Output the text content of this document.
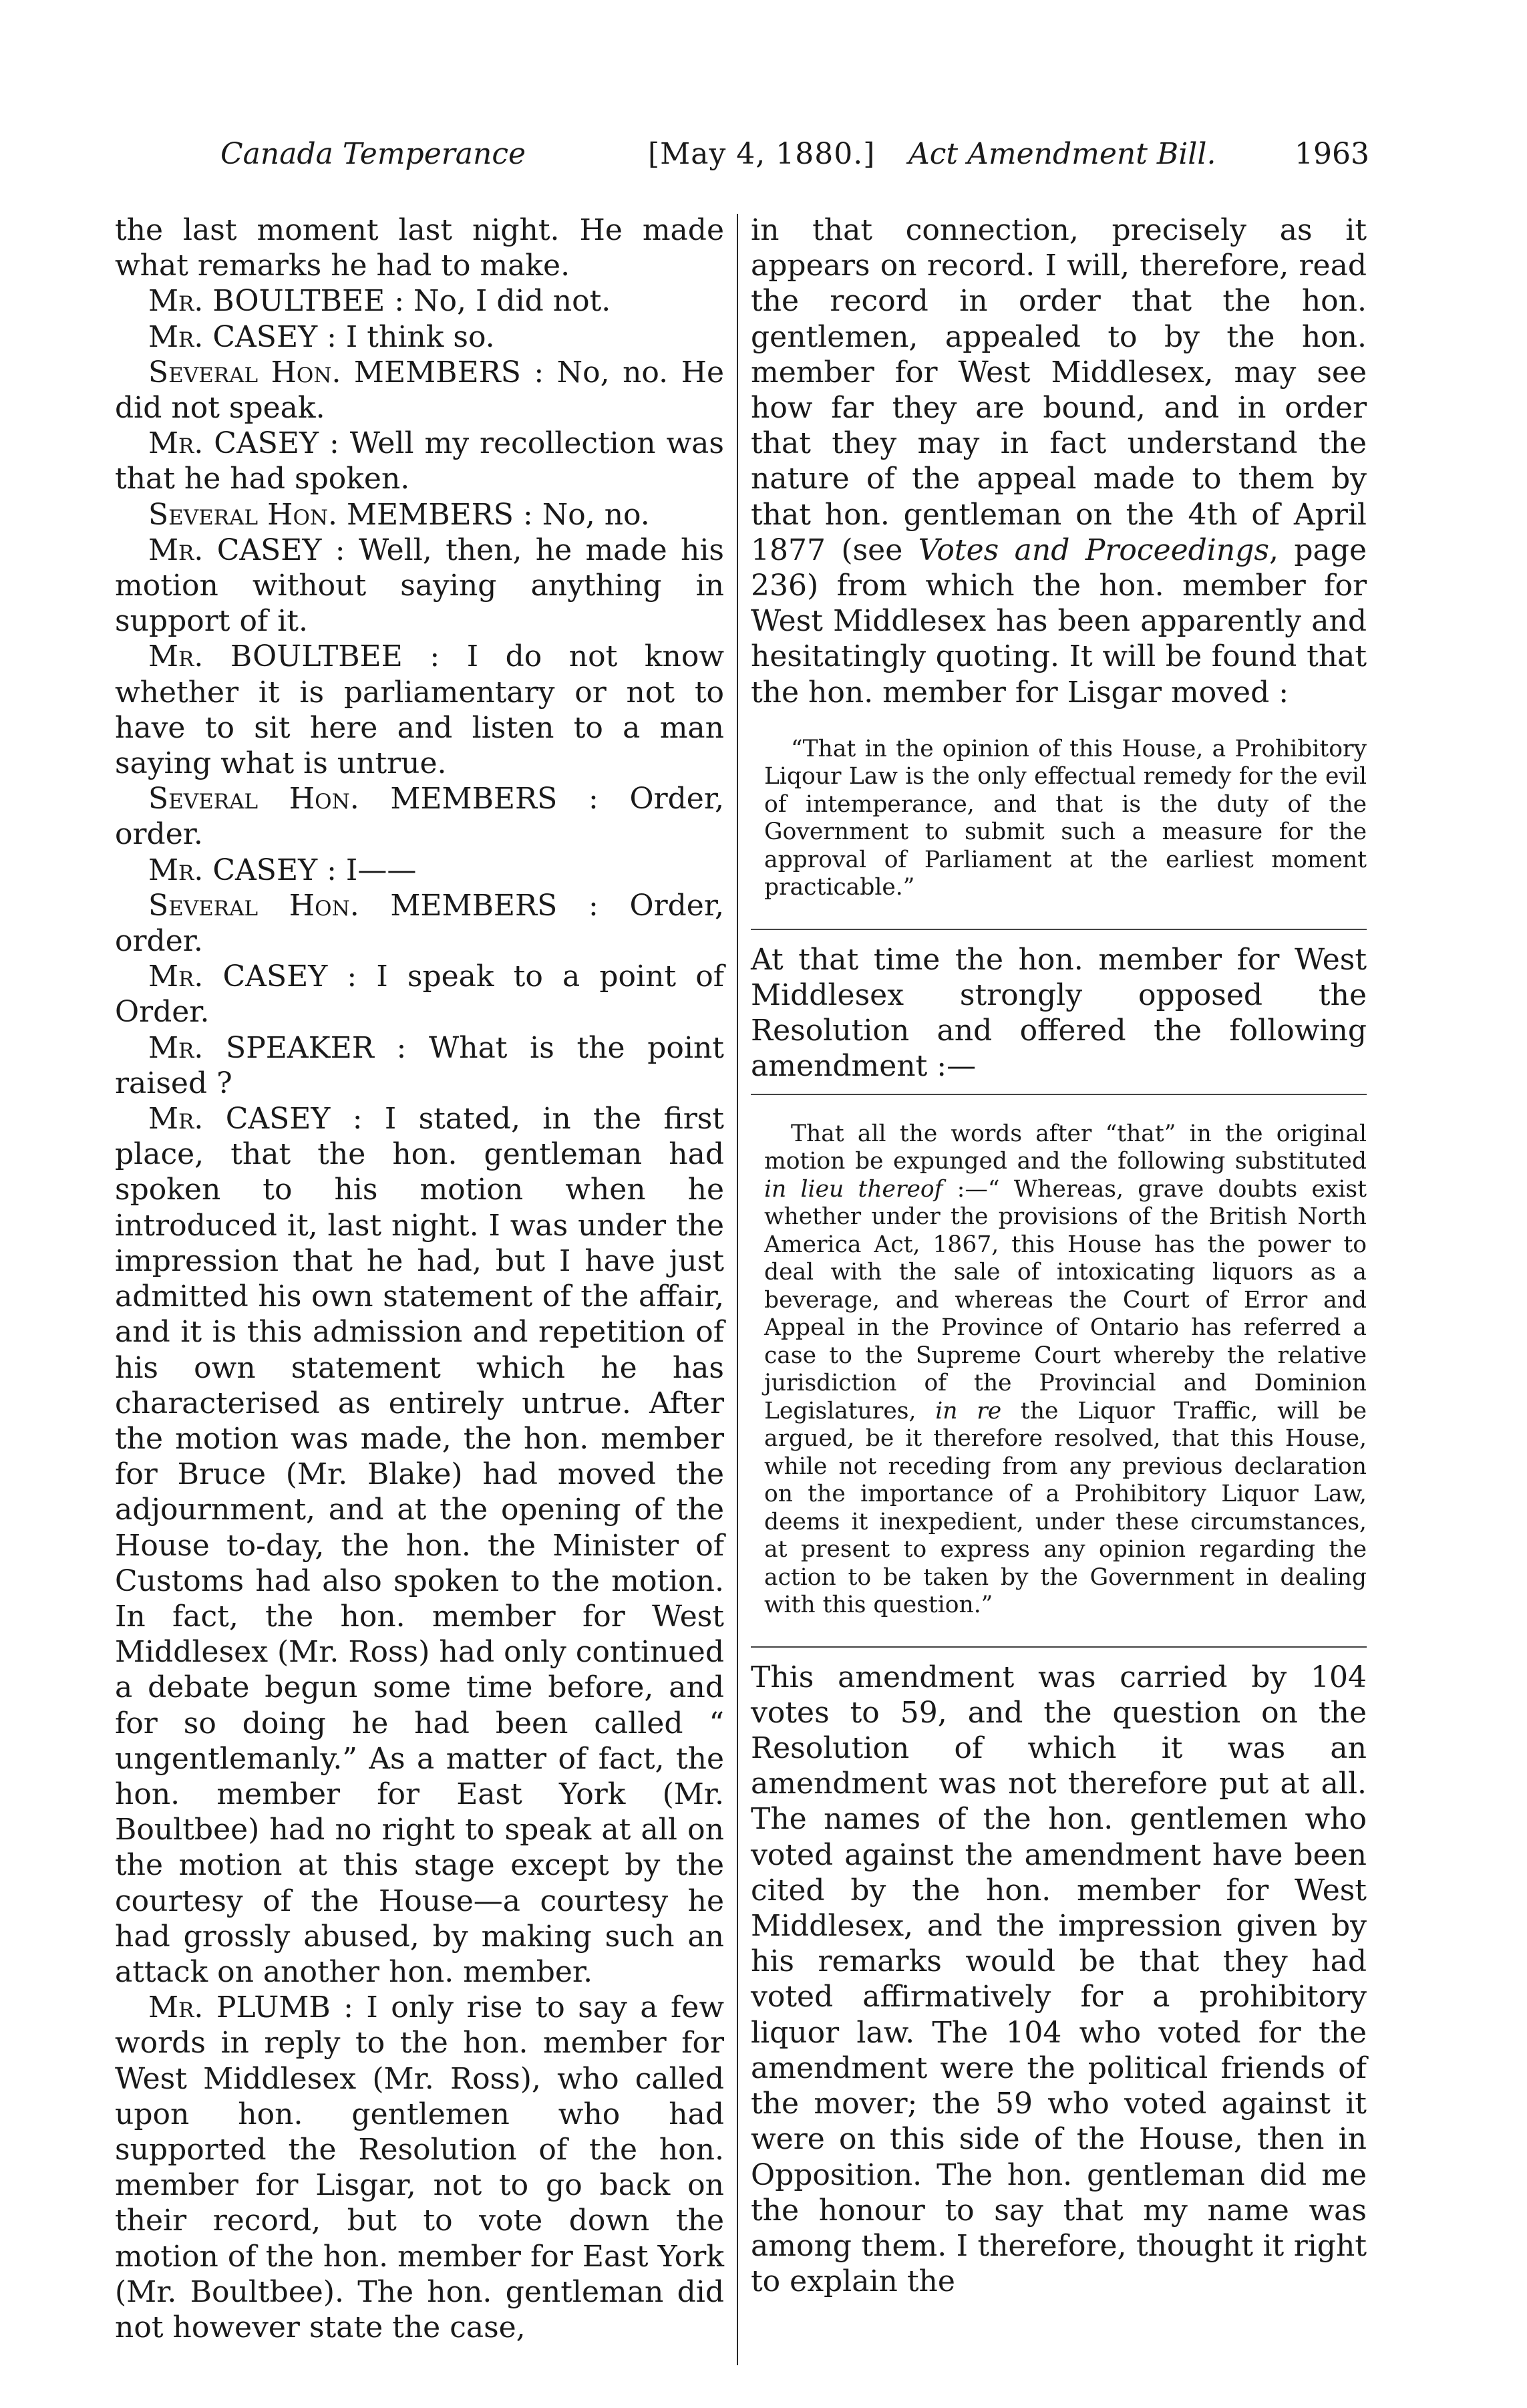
Canada Temperance	[May 4, 1880.] Act Amendment Bill.	1963

the last moment last night. He made what remarks he had to make.

Mr. BOULTBEE : No, I did not.

Mr. CASEY : I think so.

Several Hon. MEMBERS : No, no. He did not speak.

Mr. CASEY : Well my recollection was that he had spoken.

Several Hon. MEMBERS : No, no.

Mr. CASEY : Well, then, he made his motion without saying anything in support of it.

Mr. BOULTBEE : I do not know whether it is parliamentary or not to have to sit here and listen to a man saying what is untrue.

Several Hon. MEMBERS : Order, order.

Mr. CASEY : I——

Several Hon. MEMBERS : Order, order.

Mr. CASEY : I speak to a point of Order.

Mr. SPEAKER : What is the point raised ?

Mr. CASEY : I stated, in the first place, that the hon. gentleman had spoken to his motion when he introduced it, last night. I was under the impression that he had, but I have just admitted his own statement of the affair, and it is this admission and repetition of his own statement which he has characterised as entirely untrue. After the motion was made, the hon. member for Bruce (Mr. Blake) had moved the adjournment, and at the opening of the House to-day, the hon. the Minister of Customs had also spoken to the motion. In fact, the hon. member for West Middlesex (Mr. Ross) had only continued a debate begun some time before, and for so doing he had been called “ ungentlemanly.” As a matter of fact, the hon. member for East York (Mr. Boultbee) had no right to speak at all on the motion at this stage except by the courtesy of the House—a courtesy he had grossly abused, by making such an attack on another hon. member.

Mr. PLUMB : I only rise to say a few words in reply to the hon. member for West Middlesex (Mr. Ross), who called upon hon. gentlemen who had supported the Resolution of the hon. member for Lisgar, not to go back on their record, but to vote down the motion of the hon. member for East York (Mr. Boultbee). The hon. gentleman did not however state the case,

in that connection, precisely as it appears on record. I will, therefore, read the record in order that the hon. gentlemen, appealed to by the hon. member for West Middlesex, may see how far they are bound, and in order that they may in fact understand the nature of the appeal made to them by that hon. gentleman on the 4th of April 1877 (see Votes and Proceedings, page 236) from which the hon. member for West Middlesex has been apparently and hesitatingly quoting. It will be found that the hon. member for Lisgar moved :

“That in the opinion of this House, a Prohibitory Liqour Law is the only effectual remedy for the evil of intemperance, and that is the duty of the Government to submit such a measure for the approval of Parliament at the earliest moment practicable.”

At that time the hon. member for West Middlesex strongly opposed the Resolution and offered the following amendment :—

That all the words after “that” in the original motion be expunged and the following substituted in lieu thereof :—“ Whereas, grave doubts exist whether under the provisions of the British North America Act, 1867, this House has the power to deal with the sale of intoxicating liquors as a beverage, and whereas the Court of Error and Appeal in the Province of Ontario has referred a case to the Supreme Court whereby the relative jurisdiction of the Provincial and Dominion Legislatures, in re the Liquor Traffic, will be argued, be it therefore resolved, that this House, while not receding from any previous declaration on the importance of a Prohibitory Liquor Law, deems it inexpedient, under these circumstances, at present to express any opinion regarding the action to be taken by the Government in dealing with this question.”

This amendment was carried by 104 votes to 59, and the question on the Resolution of which it was an amendment was not therefore put at all. The names of the hon. gentlemen who voted against the amendment have been cited by the hon. member for West Middlesex, and the impression given by his remarks would be that they had voted affirmatively for a prohibitory liquor law. The 104 who voted for the amendment were the political friends of the mover; the 59 who voted against it were on this side of the House, then in Opposition. The hon. gentleman did me the honour to say that my name was among them. I therefore, thought it right to explain the
